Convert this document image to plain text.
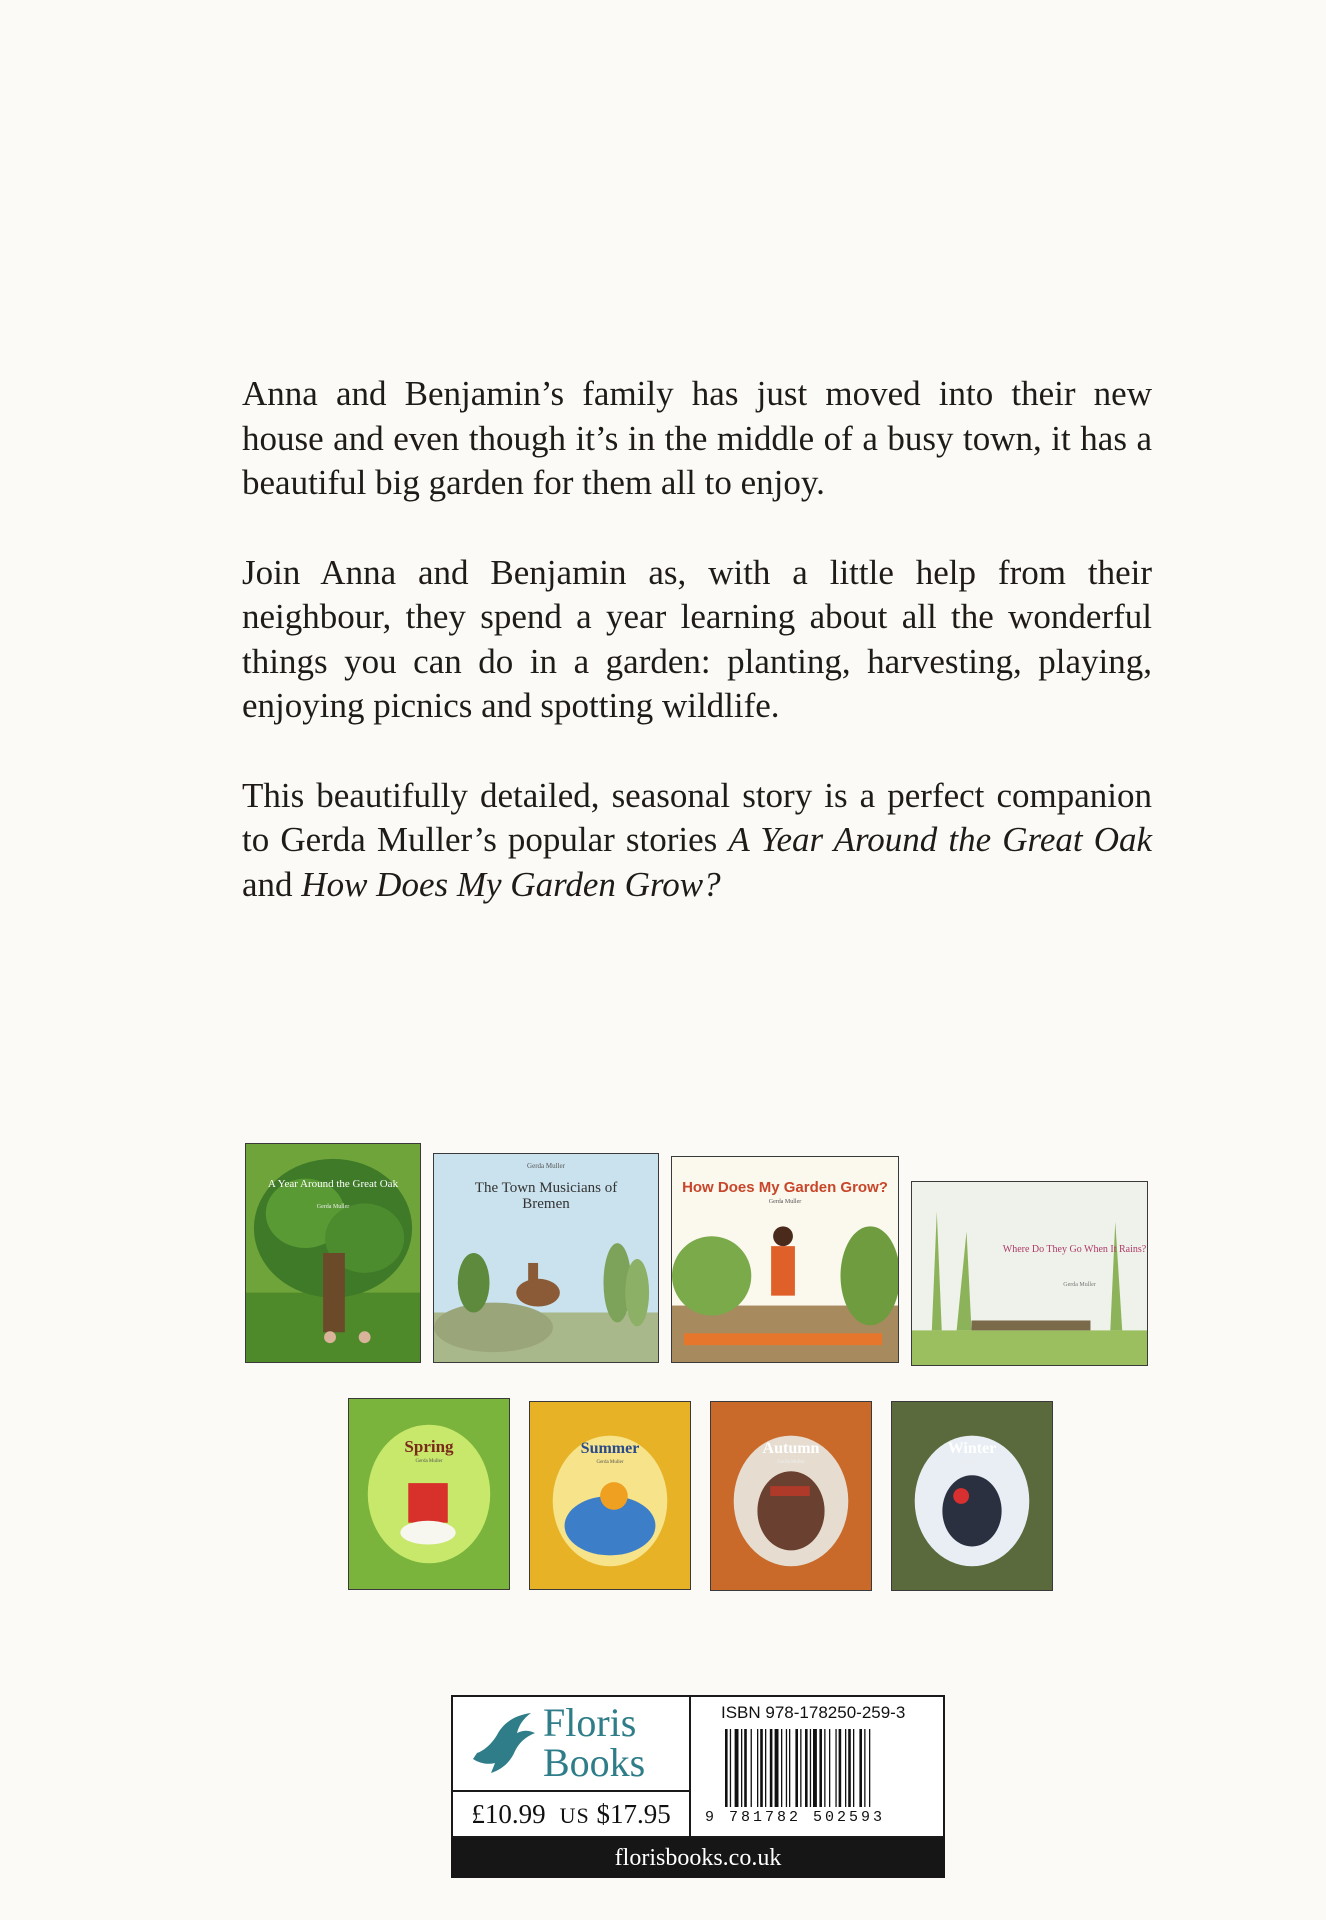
Anna and Benjamin’s family has just moved into their new house and even though it’s in the middle of a busy town, it has a beautiful big garden for them all to enjoy.

Join Anna and Benjamin as, with a little help from their neighbour, they spend a year learning about all the wonderful things you can do in a garden: planting, harvesting, playing, enjoying picnics and spotting wildlife.

This beautifully detailed, seasonal story is a perfect companion to Gerda Muller’s popular stories A Year Around the Great Oak and How Does My Garden Grow?

A Year Around the Great Oak
Gerda Muller
Gerda Muller
The Town Musicians of Bremen
How Does My Garden Grow?
Gerda Muller
Where Do They Go When It Rains?
Gerda Muller
Spring
Gerda Muller
Summer
Gerda Muller
Autumn
Gerda Muller
Winter
Gerda Muller
Floris
Books
£10.99 US $17.95
ISBN 978-178250-259-3
9 781782 502593
florisbooks.co.uk
